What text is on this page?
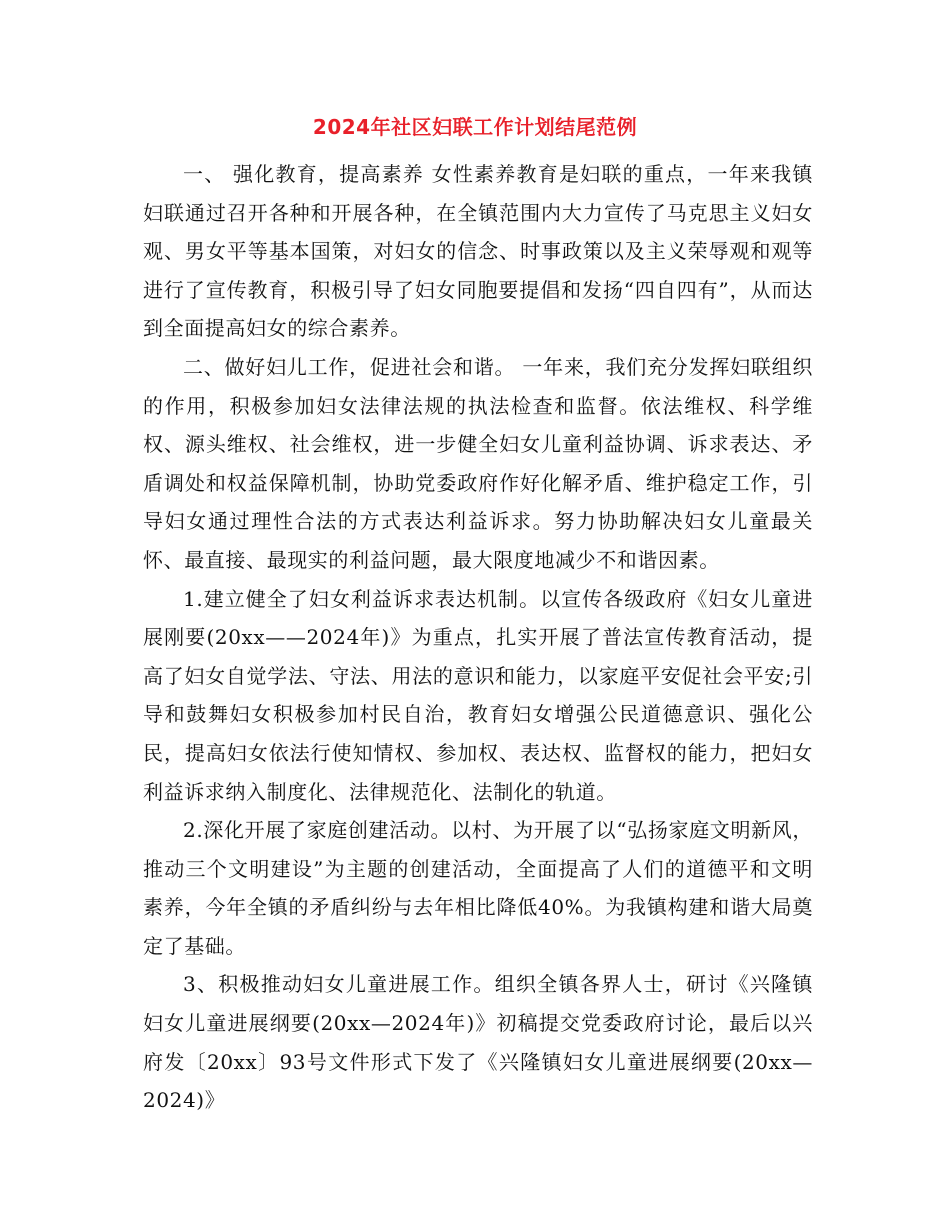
2024年社区妇联工作计划结尾范例

一、 强化教育，提高素养 女性素养教育是妇联的重点，一年来我镇妇联通过召开各种和开展各种，在全镇范围内大力宣传了马克思主义妇女观、男女平等基本国策，对妇女的信念、时事政策以及主义荣辱观和观等进行了宣传教育，积极引导了妇女同胞要提倡和发扬“四自四有”，从而达到全面提高妇女的综合素养。

二、做好妇儿工作，促进社会和谐。 一年来，我们充分发挥妇联组织的作用，积极参加妇女法律法规的执法检查和监督。依法维权、科学维权、源头维权、社会维权，进一步健全妇女儿童利益协调、诉求表达、矛盾调处和权益保障机制，协助党委政府作好化解矛盾、维护稳定工作，引导妇女通过理性合法的方式表达利益诉求。努力协助解决妇女儿童最关怀、最直接、最现实的利益问题，最大限度地减少不和谐因素。

1.建立健全了妇女利益诉求表达机制。以宣传各级政府《妇女儿童进展刚要(20xx——2024年)》为重点，扎实开展了普法宣传教育活动，提高了妇女自觉学法、守法、用法的意识和能力，以家庭平安促社会平安;引导和鼓舞妇女积极参加村民自治，教育妇女增强公民道德意识、强化公民，提高妇女依法行使知情权、参加权、表达权、监督权的能力，把妇女利益诉求纳入制度化、法律规范化、法制化的轨道。

2.深化开展了家庭创建活动。以村、为开展了以“弘扬家庭文明新风，推动三个文明建设”为主题的创建活动，全面提高了人们的道德平和文明素养，今年全镇的矛盾纠纷与去年相比降低40%。为我镇构建和谐大局奠定了基础。

3、积极推动妇女儿童进展工作。组织全镇各界人士，研讨《兴隆镇妇女儿童进展纲要(20xx—2024年)》初稿提交党委政府讨论，最后以兴府发〔20xx〕93号文件形式下发了《兴隆镇妇女儿童进展纲要(20xx—2024)》
